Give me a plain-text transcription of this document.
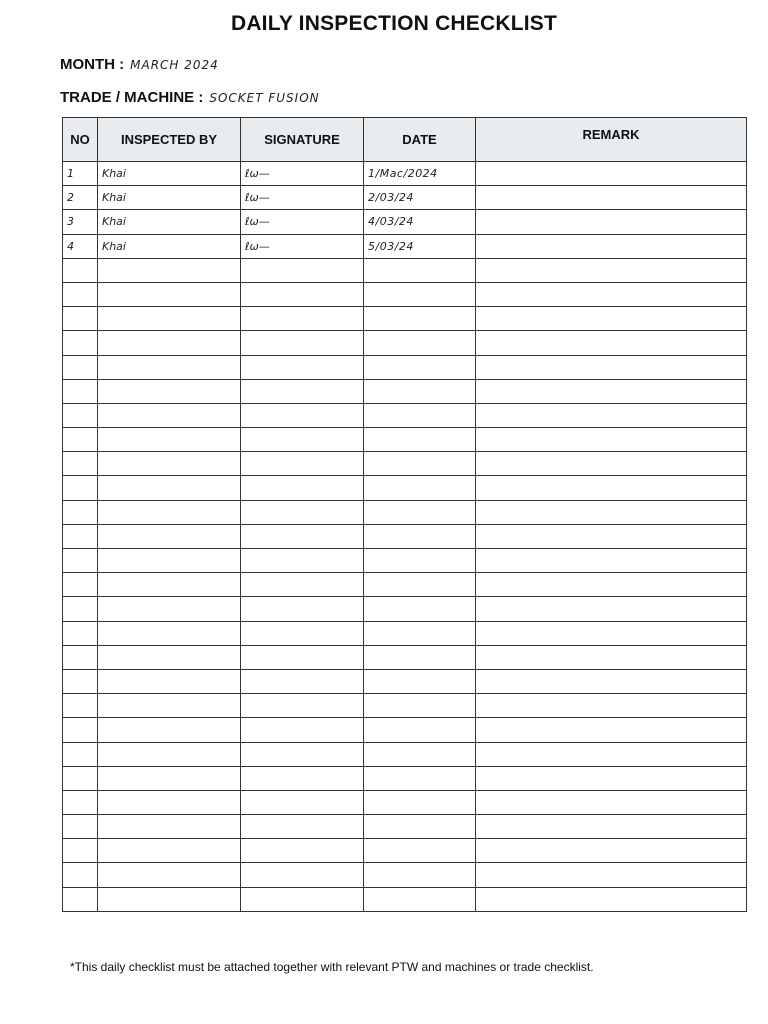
DAILY INSPECTION CHECKLIST
MONTH : MARCH 2024
TRADE / MACHINE : SOCKET FUSION
NO	INSPECTED BY	SIGNATURE	DATE	REMARK
1	Khai	ℓω—	1/Mac/2024	
2	Khai	ℓω—	2/03/24	
3	Khai	ℓω—	4/03/24	
4	Khai	ℓω—	5/03/24	

*This daily checklist must be attached together with relevant PTW and machines or trade checklist.
